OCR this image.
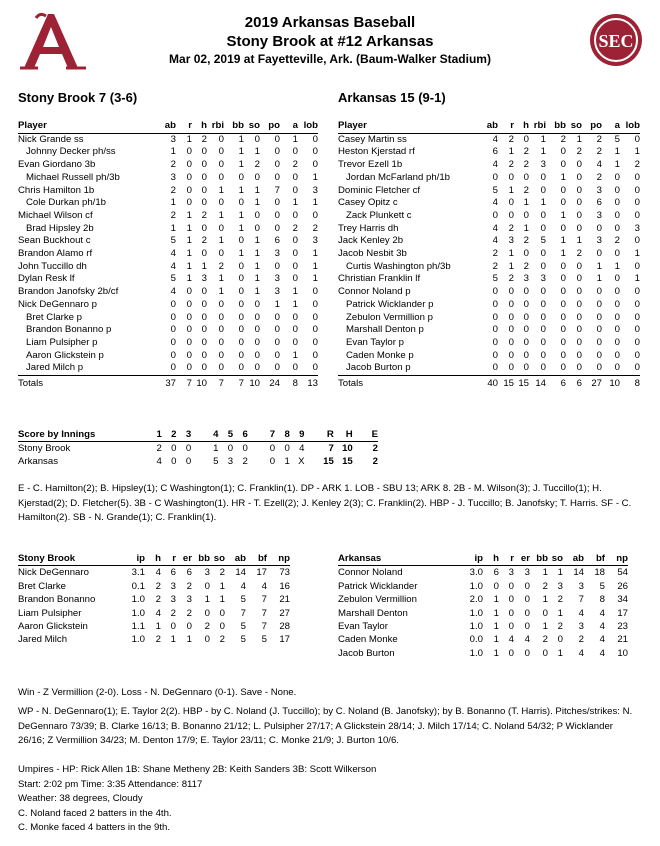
SEC
2019 Arkansas Baseball
Stony Brook at #12 Arkansas
Mar 02, 2019 at Fayetteville, Ark. (Baum-Walker Stadium)
Stony Brook 7 (3-6)	Arkansas 15 (9-1)
Player	ab	r	h	rbi	bb	so	po	a	lob
Nick Grande ss	3	1	2	0	1	0	0	1	0
Johnny Decker ph/ss	1	0	0	0	1	1	0	0	0
Evan Giordano 3b	2	0	0	0	1	2	0	2	0
Michael Russell ph/3b	3	0	0	0	0	0	0	0	1
Chris Hamilton 1b	2	0	0	1	1	1	7	0	3
Cole Durkan ph/1b	1	0	0	0	0	1	0	1	1
Michael Wilson cf	2	1	2	1	1	0	0	0	0
Brad Hipsley 2b	1	1	0	0	1	0	0	2	2
Sean Buckhout c	5	1	2	1	0	1	6	0	3
Brandon Alamo rf	4	1	0	0	1	1	3	0	1
John Tuccillo dh	4	1	1	2	0	1	0	0	1
Dylan Resk lf	5	1	3	1	0	1	3	0	1
Brandon Janofsky 2b/cf	4	0	0	1	0	1	3	1	0
Nick DeGennaro p	0	0	0	0	0	0	1	1	0
Bret Clarke p	0	0	0	0	0	0	0	0	0
Brandon Bonanno p	0	0	0	0	0	0	0	0	0
Liam Pulsipher p	0	0	0	0	0	0	0	0	0
Aaron Glickstein p	0	0	0	0	0	0	0	1	0
Jared Milch p	0	0	0	0	0	0	0	0	0
Totals	37	7	10	7	7	10	24	8	13
Player	ab	r	h	rbi	bb	so	po	a	lob
Casey Martin ss	4	2	0	1	2	1	2	5	0
Heston Kjerstad rf	6	1	2	1	0	2	2	1	1
Trevor Ezell 1b	4	2	2	3	0	0	4	1	2
Jordan McFarland ph/1b	0	0	0	0	1	0	2	0	0
Dominic Fletcher cf	5	1	2	0	0	0	3	0	0
Casey Opitz c	4	0	1	1	0	0	6	0	0
Zack Plunkett c	0	0	0	0	1	0	3	0	0
Trey Harris dh	4	2	1	0	0	0	0	0	3
Jack Kenley 2b	4	3	2	5	1	1	3	2	0
Jacob Nesbit 3b	2	1	0	0	1	2	0	0	1
Curtis Washington ph/3b	2	1	2	0	0	0	1	1	0
Christian Franklin lf	5	2	3	3	0	0	1	0	1
Connor Noland p	0	0	0	0	0	0	0	0	0
Patrick Wicklander p	0	0	0	0	0	0	0	0	0
Zebulon Vermillion p	0	0	0	0	0	0	0	0	0
Marshall Denton p	0	0	0	0	0	0	0	0	0
Evan Taylor p	0	0	0	0	0	0	0	0	0
Caden Monke p	0	0	0	0	0	0	0	0	0
Jacob Burton p	0	0	0	0	0	0	0	0	0
Totals	40	15	15	14	6	6	27	10	8
Score by Innings	1	2	3	4	5	6	7	8	9	R	H	E
Stony Brook	2	0	0	1	0	0	0	0	4	7	10	2
Arkansas	4	0	0	5	3	2	0	1	X	15	15	2
E - C. Hamilton(2); B. Hipsley(1); C Washington(1); C. Franklin(1). DP - ARK 1. LOB - SBU 13; ARK 8. 2B - M. Wilson(3); J. Tuccillo(1); H. Kjerstad(2); D. Fletcher(5). 3B - C Washington(1). HR - T. Ezell(2); J. Kenley 2(3); C. Franklin(2). HBP - J. Tuccillo; B. Janofsky; T. Harris. SF - C. Hamilton(2). SB - N. Grande(1); C. Franklin(1).
Stony Brook	ip	h	r	er	bb	so	ab	bf	np
Nick DeGennaro	3.1	4	6	6	3	2	14	17	73
Bret Clarke	0.1	2	3	2	0	1	4	4	16
Brandon Bonanno	1.0	2	3	3	1	1	5	7	21
Liam Pulsipher	1.0	4	2	2	0	0	7	7	27
Aaron Glickstein	1.1	1	0	0	2	0	5	7	28
Jared Milch	1.0	2	1	1	0	2	5	5	17
Arkansas	ip	h	r	er	bb	so	ab	bf	np
Connor Noland	3.0	6	3	3	1	1	14	18	54
Patrick Wicklander	1.0	0	0	0	2	3	3	5	26
Zebulon Vermillion	2.0	1	0	0	1	2	7	8	34
Marshall Denton	1.0	1	0	0	0	1	4	4	17
Evan Taylor	1.0	1	0	0	1	2	3	4	23
Caden Monke	0.0	1	4	4	2	0	2	4	21
Jacob Burton	1.0	1	0	0	0	1	4	4	10
Win - Z Vermillion (2-0). Loss - N. DeGennaro (0-1). Save - None.
WP - N. DeGennaro(1); E. Taylor 2(2). HBP - by C. Noland (J. Tuccillo); by C. Noland (B. Janofsky); by B. Bonanno (T. Harris). Pitches/strikes: N. DeGennaro 73/39; B. Clarke 16/13; B. Bonanno 21/12; L. Pulsipher 27/17; A Glickstein 28/14; J. Milch 17/14; C. Noland 54/32; P Wicklander 26/16; Z Vermillion 34/23; M. Denton 17/9; E. Taylor 23/11; C. Monke 21/9; J. Burton 10/6.
Umpires - HP: Rick Allen 1B: Shane Metheny 2B: Keith Sanders 3B: Scott Wilkerson
Start: 2:02 pm Time: 3:35 Attendance: 8117
Weather: 38 degrees, Cloudy
C. Noland faced 2 batters in the 4th.
C. Monke faced 4 batters in the 9th.
